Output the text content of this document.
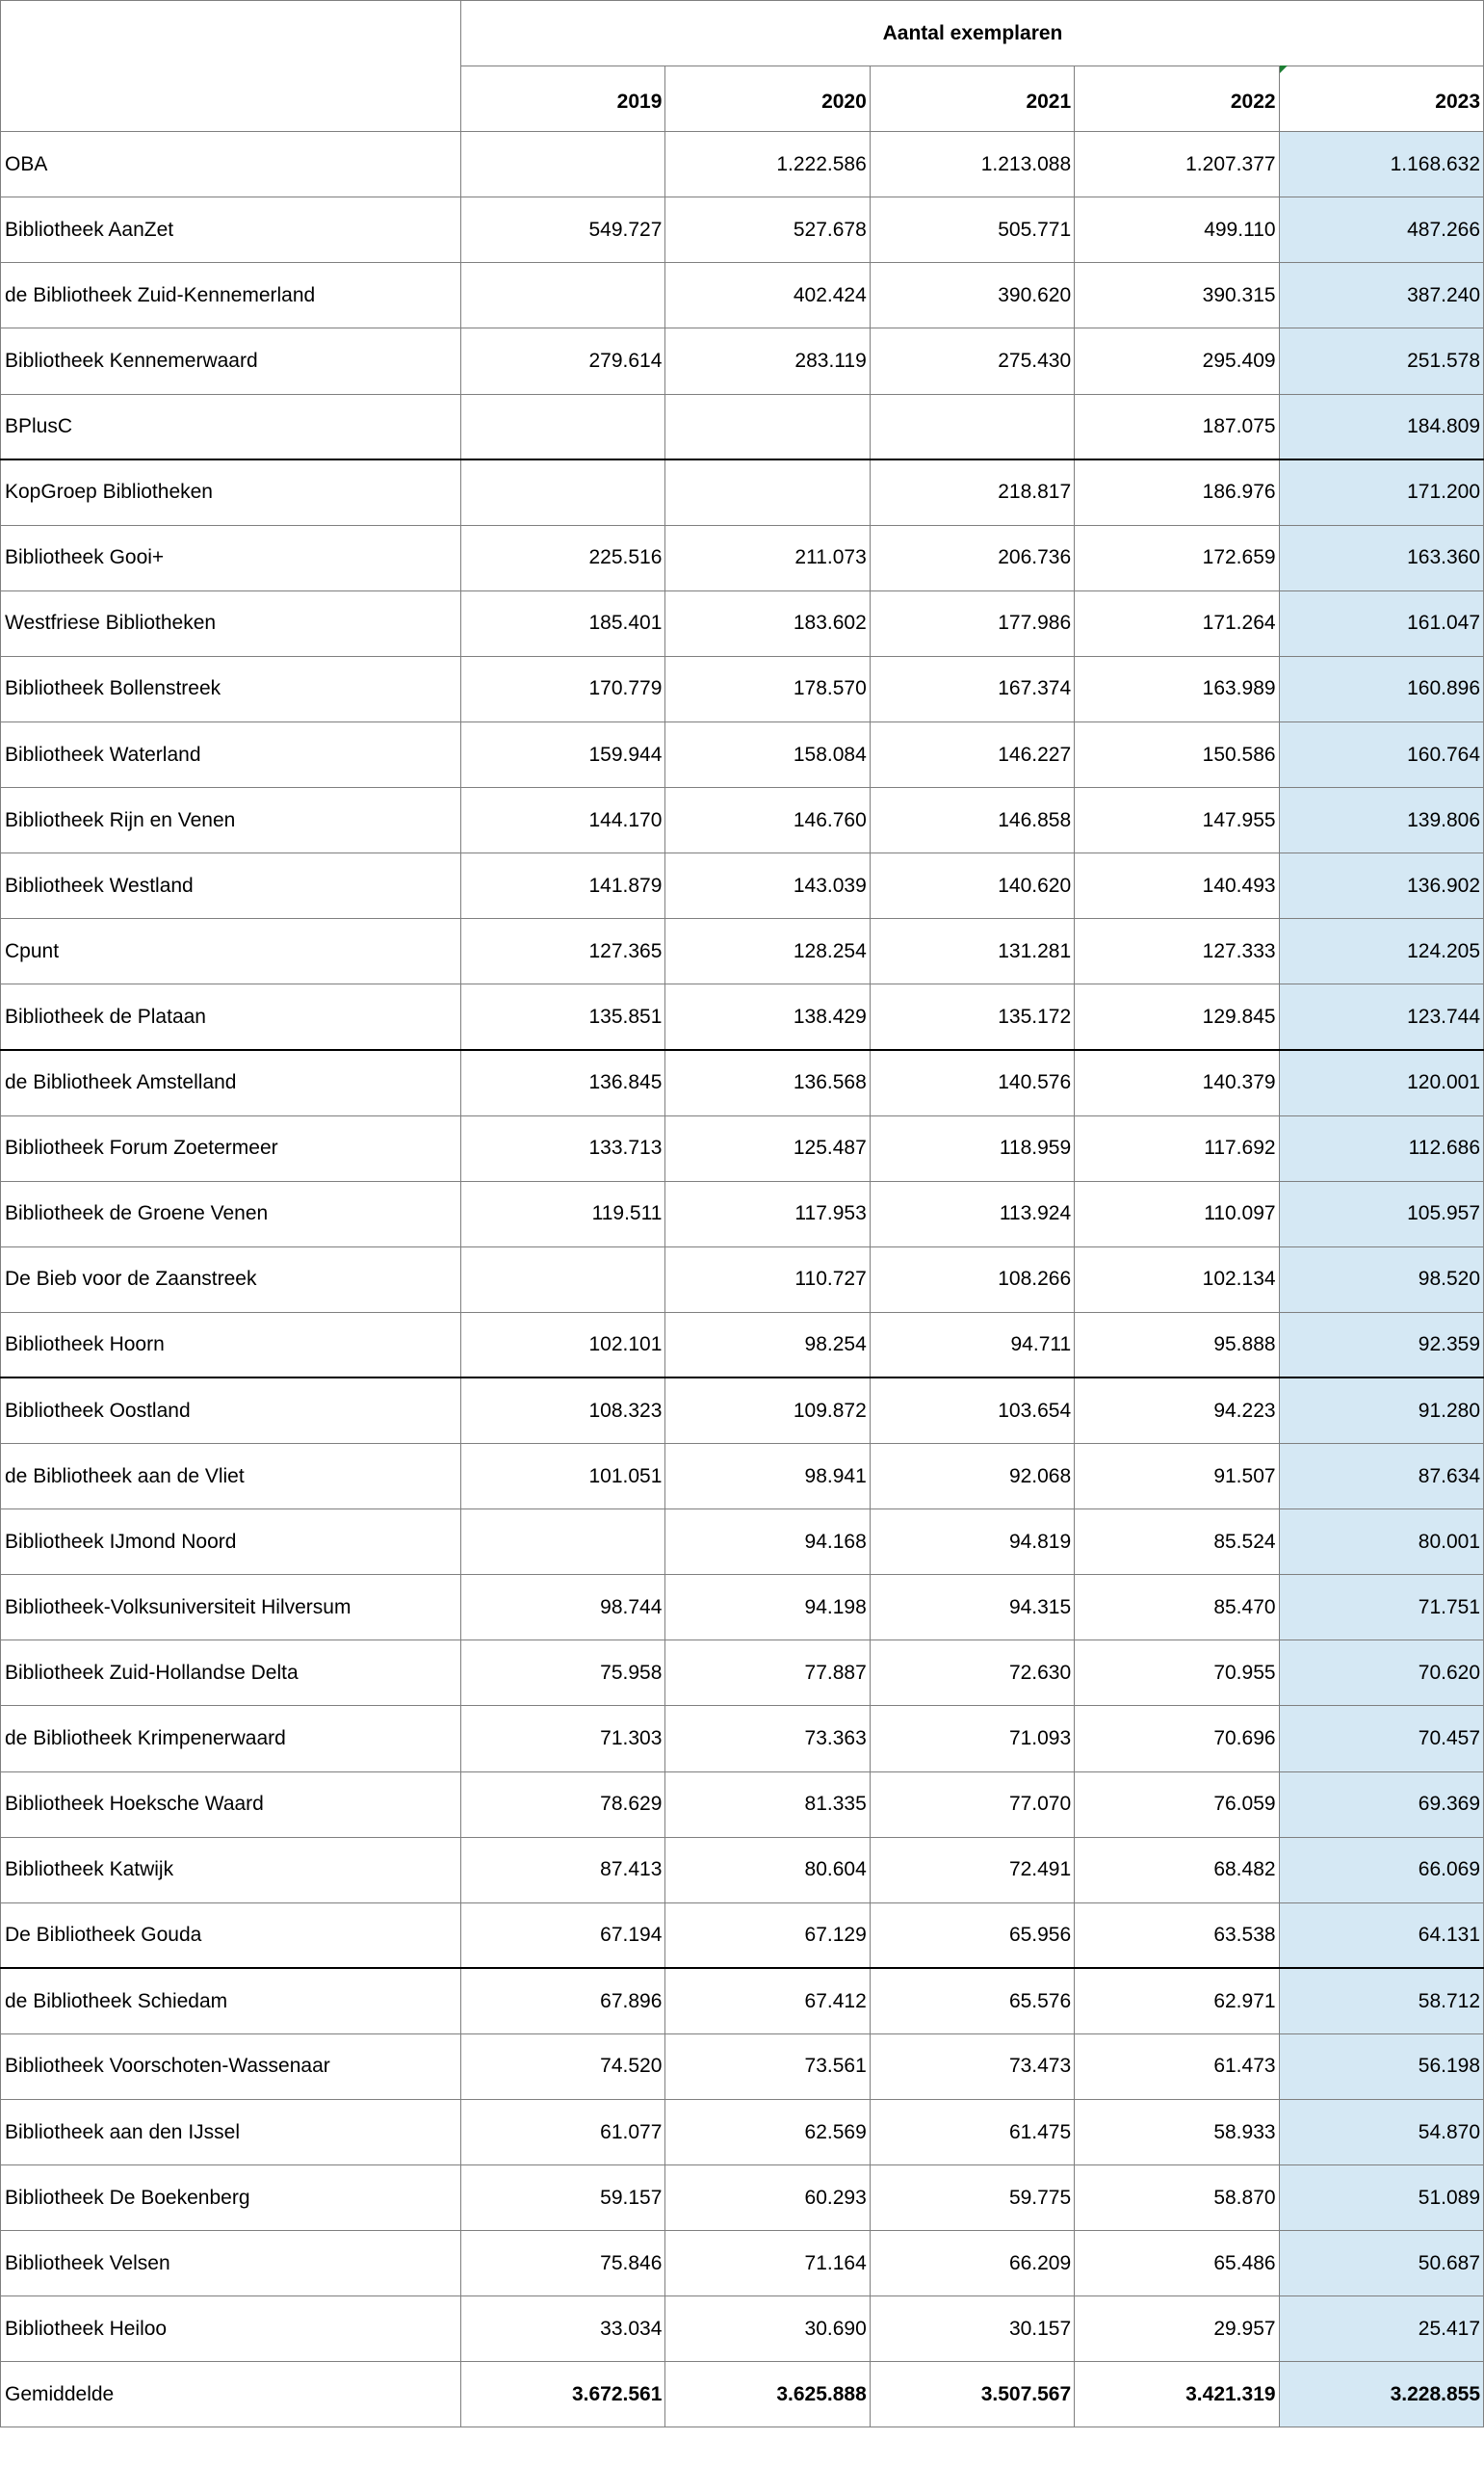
	Aantal exemplaren				
	2019	2020	2021	2022	2023
OBA		1.222.586	1.213.088	1.207.377	1.168.632
Bibliotheek AanZet	549.727	527.678	505.771	499.110	487.266
de Bibliotheek Zuid-Kennemerland		402.424	390.620	390.315	387.240
Bibliotheek Kennemerwaard	279.614	283.119	275.430	295.409	251.578
BPlusC				187.075	184.809
KopGroep Bibliotheken			218.817	186.976	171.200
Bibliotheek Gooi+	225.516	211.073	206.736	172.659	163.360
Westfriese Bibliotheken	185.401	183.602	177.986	171.264	161.047
Bibliotheek Bollenstreek	170.779	178.570	167.374	163.989	160.896
Bibliotheek Waterland	159.944	158.084	146.227	150.586	160.764
Bibliotheek Rijn en Venen	144.170	146.760	146.858	147.955	139.806
Bibliotheek Westland	141.879	143.039	140.620	140.493	136.902
Cpunt	127.365	128.254	131.281	127.333	124.205
Bibliotheek de Plataan	135.851	138.429	135.172	129.845	123.744
de Bibliotheek Amstelland	136.845	136.568	140.576	140.379	120.001
Bibliotheek Forum Zoetermeer	133.713	125.487	118.959	117.692	112.686
Bibliotheek de Groene Venen	119.511	117.953	113.924	110.097	105.957
De Bieb voor de Zaanstreek		110.727	108.266	102.134	98.520
Bibliotheek Hoorn	102.101	98.254	94.711	95.888	92.359
Bibliotheek Oostland	108.323	109.872	103.654	94.223	91.280
de Bibliotheek aan de Vliet	101.051	98.941	92.068	91.507	87.634
Bibliotheek IJmond Noord		94.168	94.819	85.524	80.001
Bibliotheek-Volksuniversiteit Hilversum	98.744	94.198	94.315	85.470	71.751
Bibliotheek Zuid-Hollandse Delta	75.958	77.887	72.630	70.955	70.620
de Bibliotheek Krimpenerwaard	71.303	73.363	71.093	70.696	70.457
Bibliotheek Hoeksche Waard	78.629	81.335	77.070	76.059	69.369
Bibliotheek Katwijk	87.413	80.604	72.491	68.482	66.069
De Bibliotheek Gouda	67.194	67.129	65.956	63.538	64.131
de Bibliotheek Schiedam	67.896	67.412	65.576	62.971	58.712
Bibliotheek Voorschoten-Wassenaar	74.520	73.561	73.473	61.473	56.198
Bibliotheek aan den IJssel	61.077	62.569	61.475	58.933	54.870
Bibliotheek De Boekenberg	59.157	60.293	59.775	58.870	51.089
Bibliotheek Velsen	75.846	71.164	66.209	65.486	50.687
Bibliotheek Heiloo	33.034	30.690	30.157	29.957	25.417
Gemiddelde	3.672.561	3.625.888	3.507.567	3.421.319	3.228.855
